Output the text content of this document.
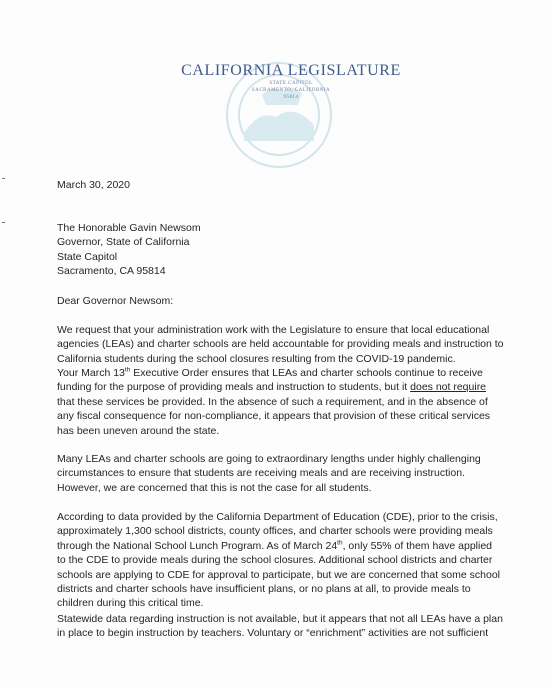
CALIFORNIA LEGISLATURE
STATE CAPITOL
SACRAMENTO, CALIFORNIA
95814

March 30, 2020

The Honorable Gavin Newsom

Governor, State of California

State Capitol

Sacramento, CA 95814

Dear Governor Newsom:

We request that your administration work with the Legislature to ensure that local educational

agencies (LEAs) and charter schools are held accountable for providing meals and instruction to

California students during the school closures resulting from the COVID-19 pandemic.

Your March 13th Executive Order ensures that LEAs and charter schools continue to receive

funding for the purpose of providing meals and instruction to students, but it does not require

that these services be provided. In the absence of such a requirement, and in the absence of

any fiscal consequence for non-compliance, it appears that provision of these critical services

has been uneven around the state.

Many LEAs and charter schools are going to extraordinary lengths under highly challenging

circumstances to ensure that students are receiving meals and are receiving instruction.

However, we are concerned that this is not the case for all students.

According to data provided by the California Department of Education (CDE), prior to the crisis,

approximately 1,300 school districts, county offices, and charter schools were providing meals

through the National School Lunch Program. As of March 24th, only 55% of them have applied

to the CDE to provide meals during the school closures. Additional school districts and charter

schools are applying to CDE for approval to participate, but we are concerned that some school

districts and charter schools have insufficient plans, or no plans at all, to provide meals to

children during this critical time.

Statewide data regarding instruction is not available, but it appears that not all LEAs have a plan

in place to begin instruction by teachers. Voluntary or “enrichment” activities are not sufficient
